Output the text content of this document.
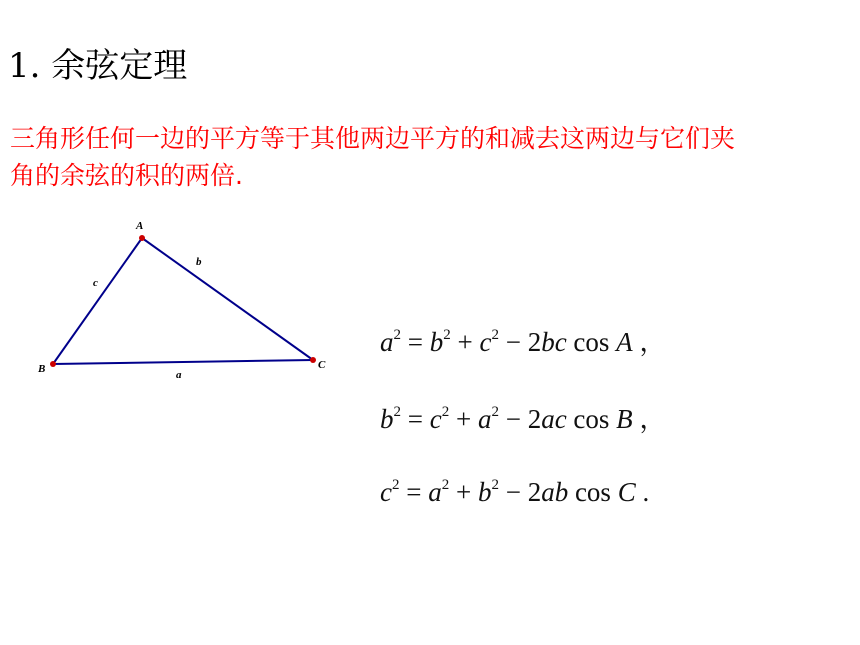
1. 余弦定理
三角形任何一边的平方等于其他两边平方的和减去这两边与它们夹
角的余弦的积的两倍.
A
B	C
a
b
c
$a^2 = b^2 + c^2 - 2bc$ cos A ，
$b^2 = c^2 + a^2 - 2ac$ cos B ，
$c^2 = a^2 + b^2 - 2ab$ cos C .
